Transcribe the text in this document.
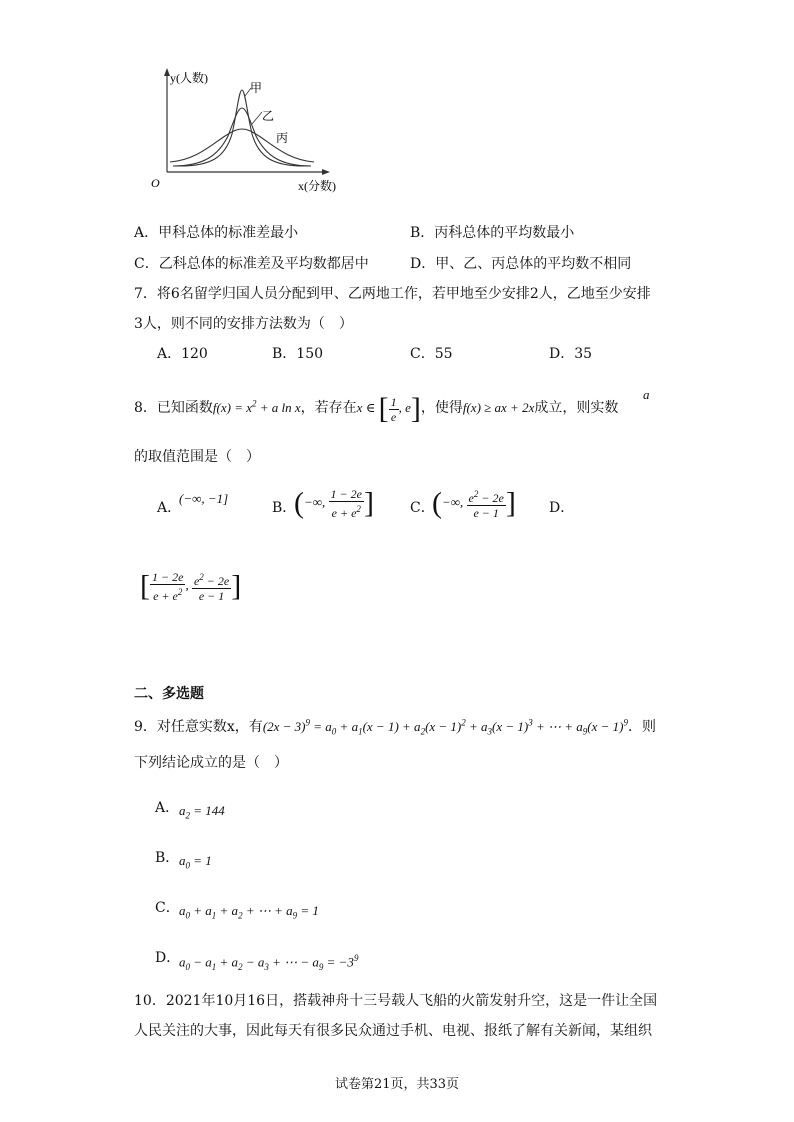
y(人数)
x(分数)
O
甲
乙
丙
A．甲科总体的标准差最小	B．丙科总体的平均数最小
C．乙科总体的标准差及平均数都居中	D．甲、乙、丙总体的平均数不相同
7．将6名留学归国人员分配到甲、乙两地工作，若甲地至少安排2人，乙地至少安排
3人，则不同的安排方法数为（　）
A．120	B．150	C．55	D．35
8．已知函数$f(x) = x^2 + a$ ln x，若存在x ∈ [ $\frac{1}{e}$ , e]，使得f(x) ≥ ax + 2x成立，则实数
a
的取值范围是（　）
A．
(−∞, −1]
B．
(−∞, $\frac{1 - 2e}{e + e^2}$ ]	C．
(−∞, $\frac{e^2 - 2e}{e - 1}$ ] D．
[ $\frac{1 - 2e}{e + e^2}$ , $\frac{e^2 - 2e}{e - 1}$ ]
二、多选题
9．对任意实数x，有$(2x - 3)^9 = a_0 + a_1(x - 1) + a_2(x - 1)^2 + a_3(x - 1)^3$ + ⋯ + $a_9(x - 1)^9$．则
下列结论成立的是（　）
A． $a_2 = 144$
B． $a_0 = 1$
C． $a_0 + a_1 + a_2$ + ⋯ + $a_9 = 1$
D．
$a_0 - a_1 + a_2 - a_3$ + ⋯ − $a_9 = -3^9$
10．2021年10月16日，搭载神舟十三号载人飞船的火箭发射升空，这是一件让全国
人民关注的大事，因此每天有很多民众通过手机、电视、报纸了解有关新闻，某组织
试卷第21页，共33页
